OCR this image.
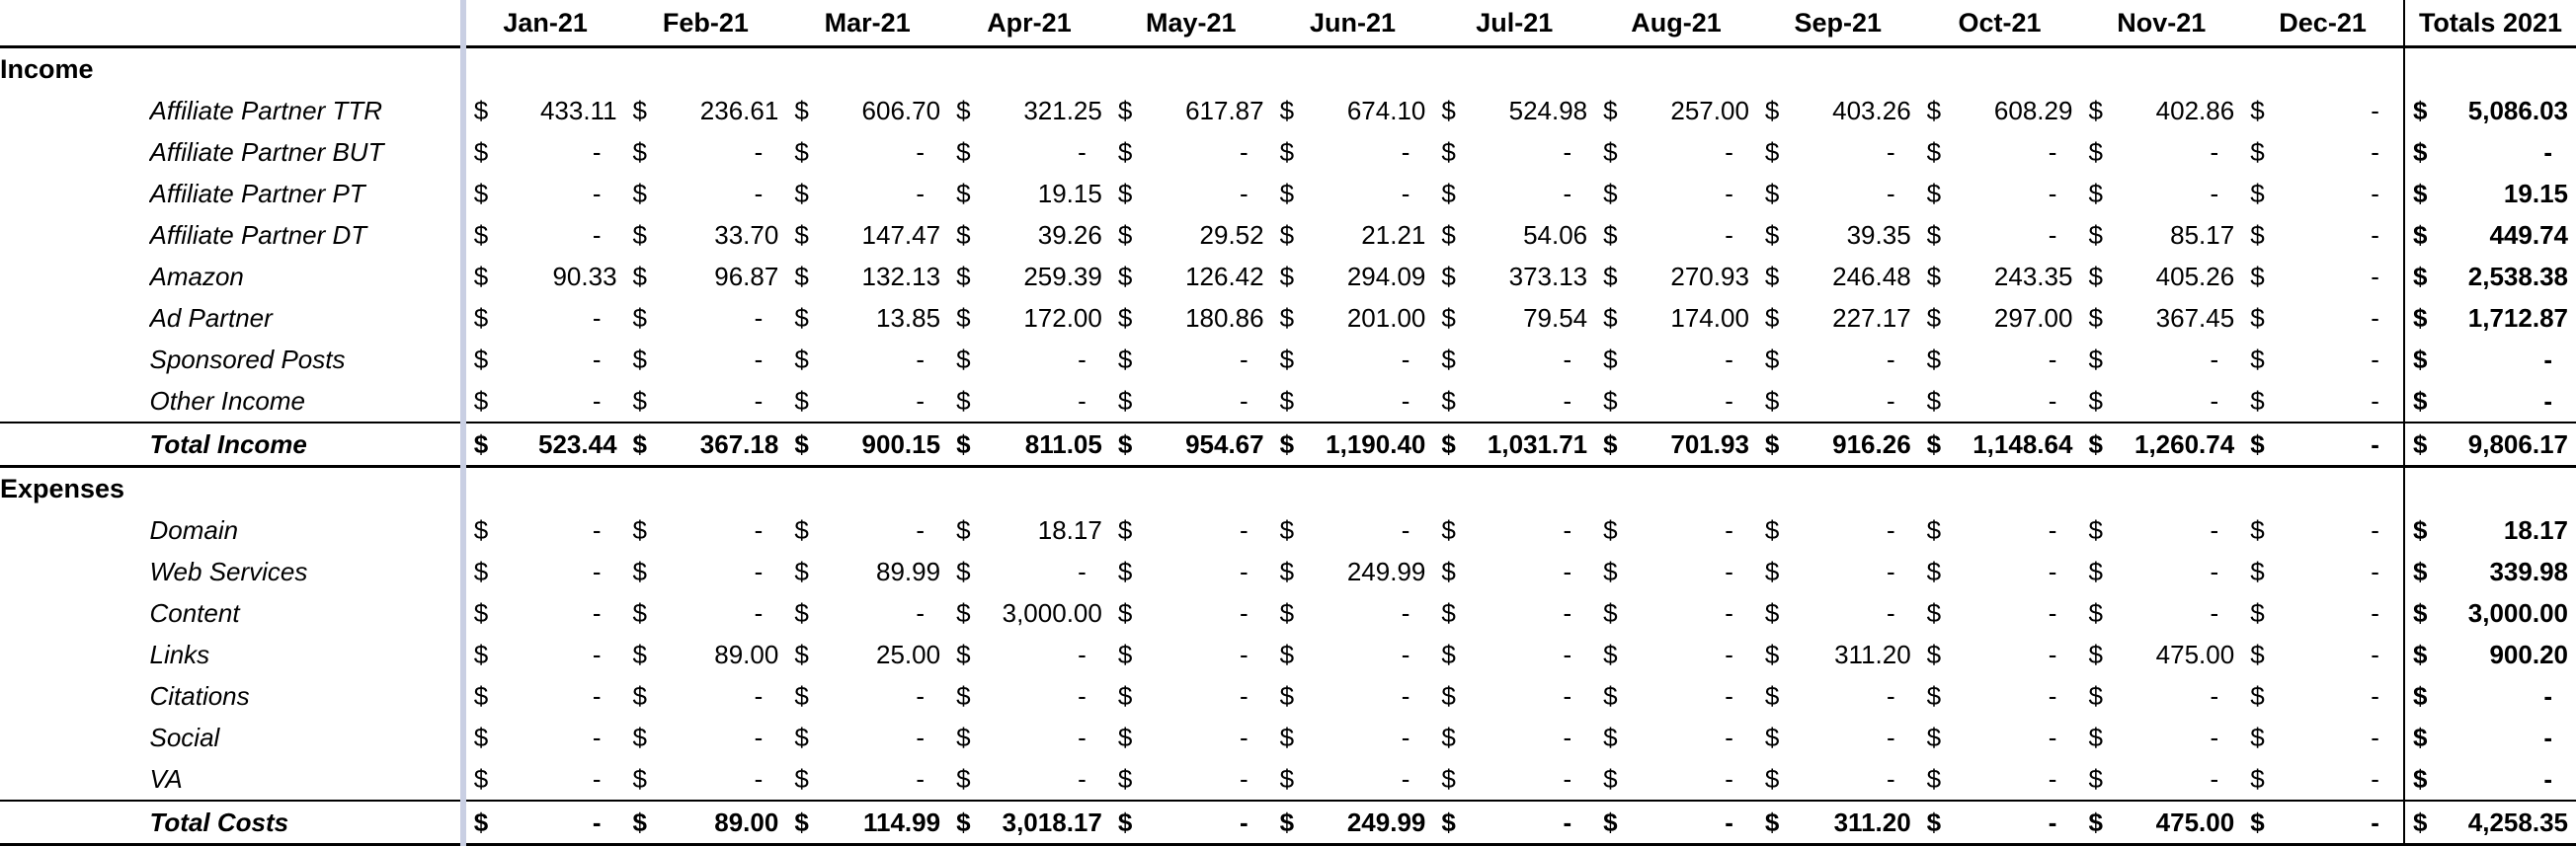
		Jan-21	Feb-21	Mar-21	Apr-21	May-21	Jun-21	Jul-21	Aug-21	Sep-21	Oct-21	Nov-21	Dec-21	Totals 2021
Income														
	Affiliate Partner TTR	$ 433.11	$ 236.61	$ 606.70	$ 321.25	$ 617.87	$ 674.10	$ 524.98	$ 257.00	$ 403.26	$ 608.29	$ 402.86	$ -	$ 5,086.03

	Affiliate Partner BUT	$ -	$ -	$ -	$ -	$ -	$ -	$ -	$ -	$ -	$ -	$ -	$ -	$ -

	Affiliate Partner PT	$ -	$ -	$ -	$ 19.15	$ -	$ -	$ -	$ -	$ -	$ -	$ -	$ -	$ 19.15

	Affiliate Partner DT	$ -	$ 33.70	$ 147.47	$ 39.26	$ 29.52	$ 21.21	$ 54.06	$ -	$ 39.35	$ -	$ 85.17	$ -	$ 449.74

	Amazon	$ 90.33	$ 96.87	$ 132.13	$ 259.39	$ 126.42	$ 294.09	$ 373.13	$ 270.93	$ 246.48	$ 243.35	$ 405.26	$ -	$ 2,538.38

	Ad Partner	$ -	$ -	$ 13.85	$ 172.00	$ 180.86	$ 201.00	$ 79.54	$ 174.00	$ 227.17	$ 297.00	$ 367.45	$ -	$ 1,712.87

	Sponsored Posts	$ -	$ -	$ -	$ -	$ -	$ -	$ -	$ -	$ -	$ -	$ -	$ -	$ -

	Other Income	$ -	$ -	$ -	$ -	$ -	$ -	$ -	$ -	$ -	$ -	$ -	$ -	$ -

	Total Income	$ 523.44	$ 367.18	$ 900.15	$ 811.05	$ 954.67	$ 1,190.40	$ 1,031.71	$ 701.93	$ 916.26	$ 1,148.64	$ 1,260.74	$ -	$ 9,806.17

Expenses														
	Domain	$ -	$ -	$ -	$ 18.17	$ -	$ -	$ -	$ -	$ -	$ -	$ -	$ -	$ 18.17

	Web Services	$ -	$ -	$ 89.99	$ -	$ -	$ 249.99	$ -	$ -	$ -	$ -	$ -	$ -	$ 339.98

	Content	$ -	$ -	$ -	$ 3,000.00	$ -	$ -	$ -	$ -	$ -	$ -	$ -	$ -	$ 3,000.00

	Links	$ -	$ 89.00	$ 25.00	$ -	$ -	$ -	$ -	$ -	$ 311.20	$ -	$ 475.00	$ -	$ 900.20

	Citations	$ -	$ -	$ -	$ -	$ -	$ -	$ -	$ -	$ -	$ -	$ -	$ -	$ -

	Social	$ -	$ -	$ -	$ -	$ -	$ -	$ -	$ -	$ -	$ -	$ -	$ -	$ -

	VA	$ -	$ -	$ -	$ -	$ -	$ -	$ -	$ -	$ -	$ -	$ -	$ -	$ -

	Total Costs	$ -	$ 89.00	$ 114.99	$ 3,018.17	$ -	$ 249.99	$ -	$ -	$ 311.20	$ -	$ 475.00	$ -	$ 4,258.35
